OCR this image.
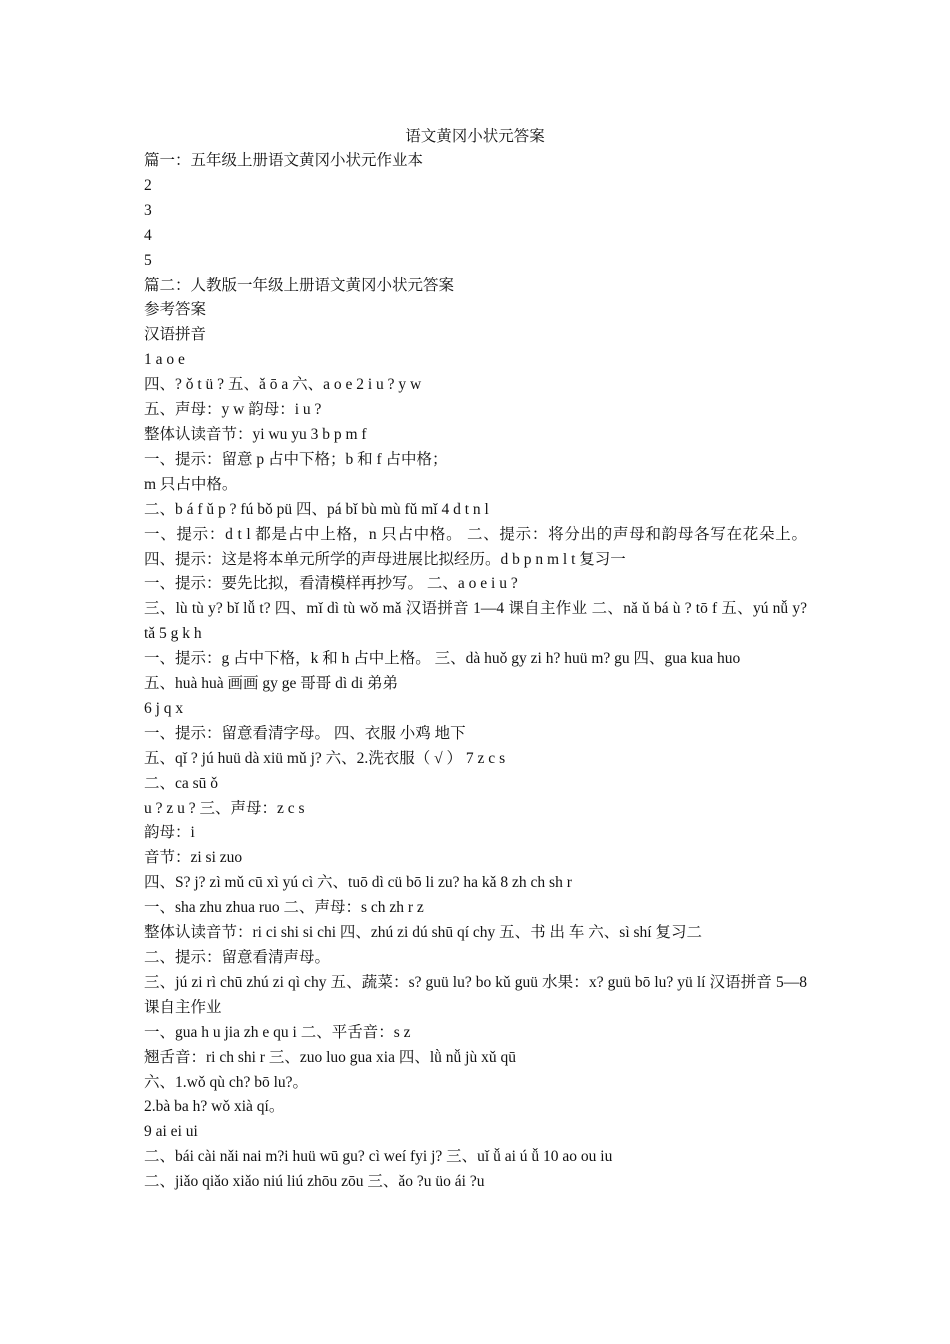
语文黄冈小状元答案

篇一：五年级上册语文黄冈小状元作业本

2

3

4

5

篇二：人教版一年级上册语文黄冈小状元答案

参考答案

汉语拼音

1 a o e

四、? ǒ t ü ? 五、ǎ ō a 六、a o e 2 i u ? y w

五、声母：y w 韵母：i u ?

整体认读音节：yi wu yu 3 b p m f

一、提示：留意 p 占中下格；b 和 f 占中格；

m 只占中格。

二、b á f ǔ p ? fú bǒ pü 四、pá bǐ bù mù fǔ mǐ 4 d t n l

一、提示：d t l 都是占中上格，n 只占中格。 二、提示：将分出的声母和韵母各写在花朵上。 四、提示：这是将本单元所学的声母进展比拟经历。d b p n m l t 复习一

一、提示：要先比拟，看清模样再抄写。 二、a o e i u ?

三、lù tù y? bǐ lǚ t? 四、mǐ dì tù wǒ mǎ 汉语拼音 1—4 课自主作业 二、nǎ ǔ bá ù ? tō f 五、yú nǚ y? tǎ 5 g k h

一、提示：g 占中下格，k 和 h 占中上格。 三、dà huǒ gy zi h? huü m? gu 四、gua kua huo

五、huà huà 画画 gy ge 哥哥 dì di 弟弟

6 j q x

一、提示：留意看清字母。 四、衣服 小鸡 地下

五、qǐ ? jú huü dà xiü mǔ j? 六、2.洗衣服（ √ ） 7 z c s

二、ca sū ǒ

u ? z u ? 三、声母：z c s

韵母：i

音节：zi si zuo

四、S? j? zì mǔ cū xì yú cì 六、tuō dì cü bō li zu? ha kǎ 8 zh ch sh r

一、sha zhu zhua ruo 二、声母：s ch zh r z

整体认读音节：ri ci shi si chi 四、zhú zi dú shū qí chy 五、书 出 车 六、sì shí 复习二

二、提示：留意看清声母。

三、jú zi rì chū zhú zi qì chy 五、蔬菜：s? guü lu? bo kǔ guü 水果：x? guü bō lu? yü lí 汉语拼音 5—8 课自主作业

一、gua h u jia zh e qu i 二、平舌音：s z

翘舌音：ri ch shi r 三、zuo luo gua xia 四、lǜ nǚ jù xǔ qū

六、1.wǒ qù ch? bō lu?。

2.bà ba h? wǒ xià qí。

9 ai ei ui

二、bái cài nǎi nai m?i huü wū gu? cì weí fyi j? 三、uǐ ǚ ai ú ǚ 10 ao ou iu

二、jiǎo qiǎo xiǎo niú liú zhōu zōu 三、ǎo ?u üo ái ?u
